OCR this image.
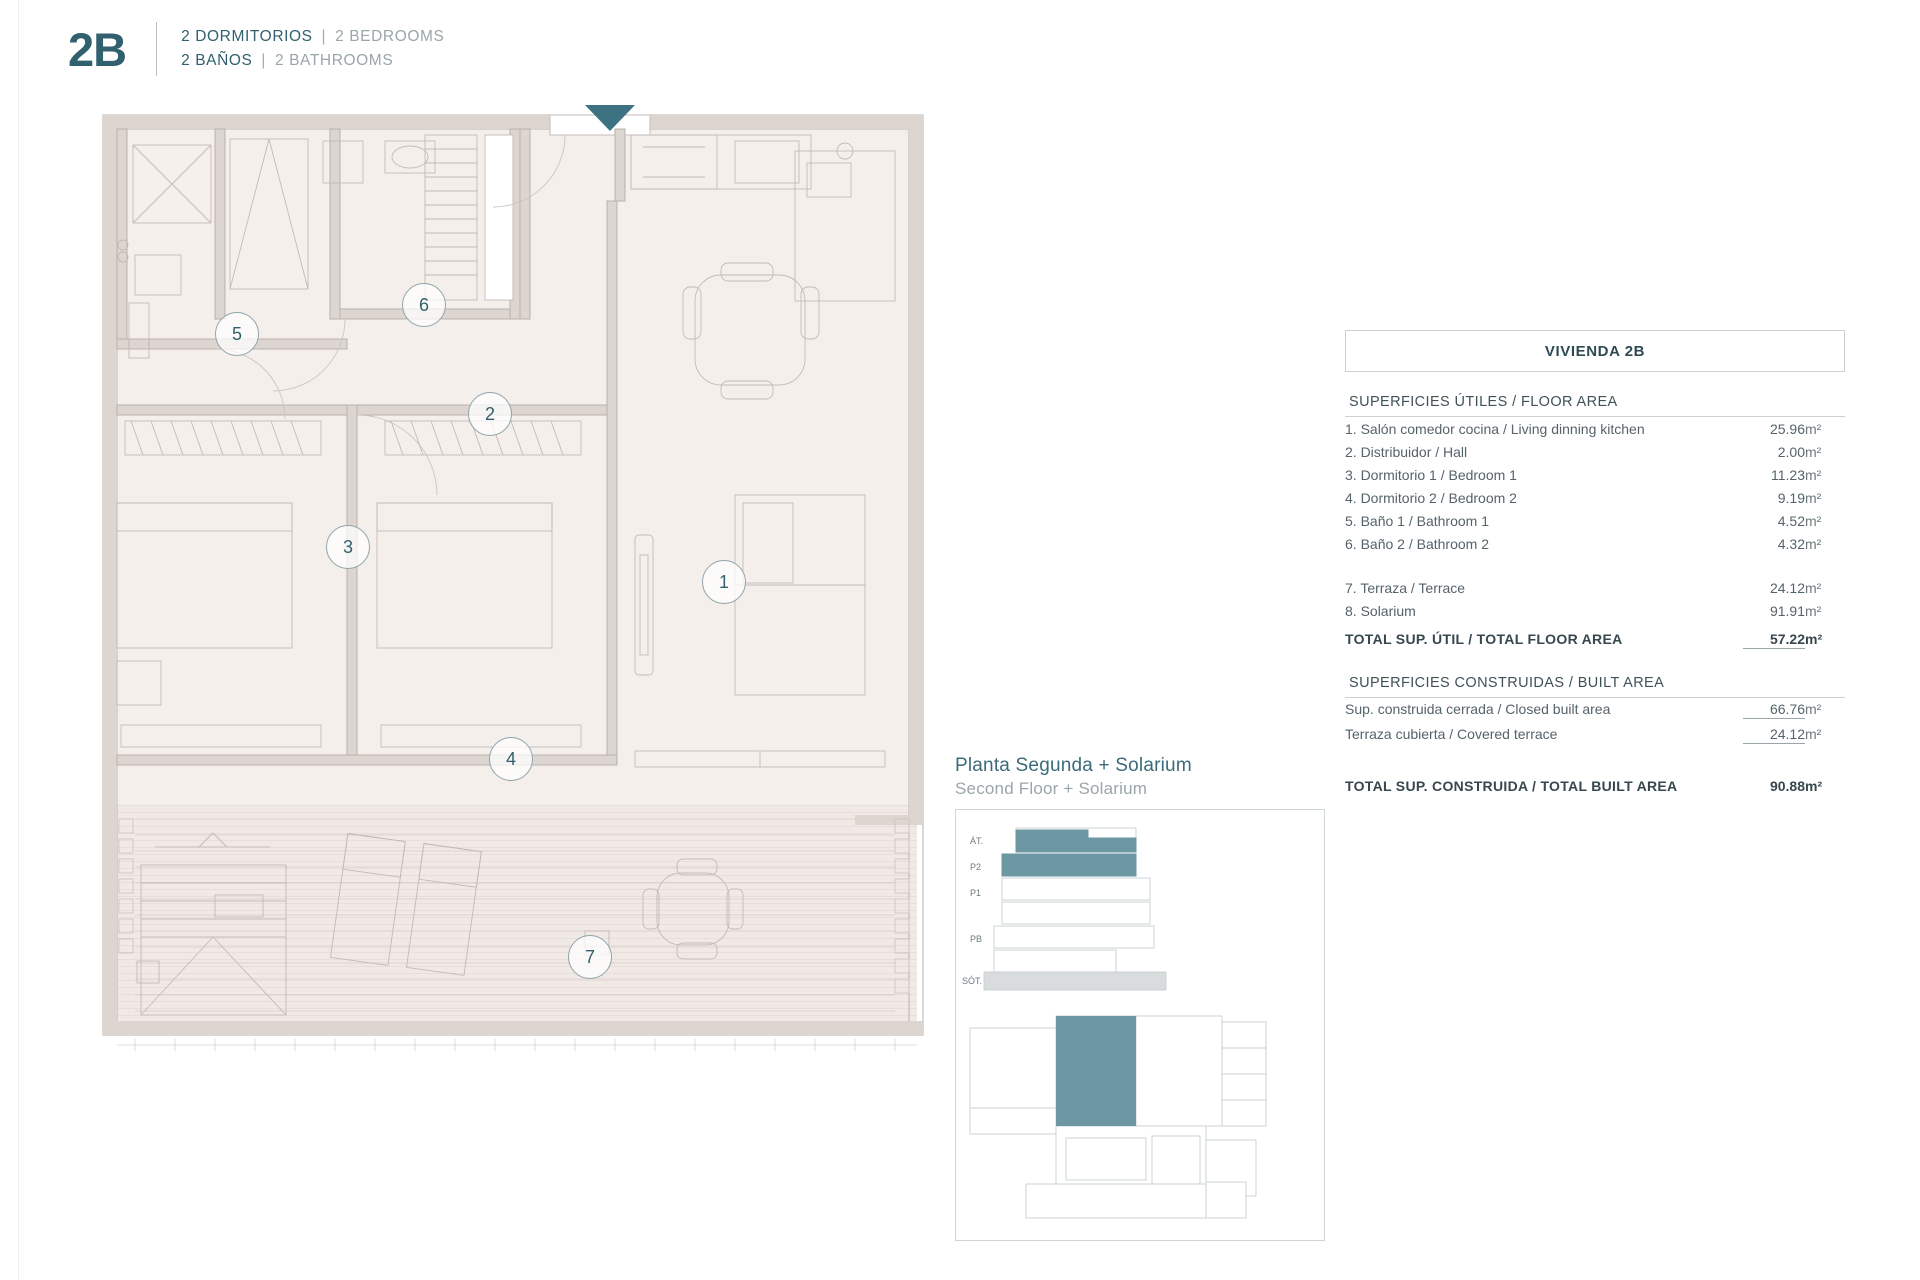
2B	2 DORMITORIOS | 2 BEDROOMS
2 BAÑOS | 2 BATHROOMS
1
2
3
4
5
6
7
Planta Segunda + Solarium
Second Floor + Solarium
ÁT.
P2
P1
PB
SÓT.
VIVIENDA 2B
SUPERFICIES ÚTILES / FLOOR AREA
1. Salón comedor cocina / Living dinning kitchen	25.96	m²
2. Distribuidor / Hall	2.00	m²
3. Dormitorio 1 / Bedroom 1	11.23	m²
4. Dormitorio 2 / Bedroom 2	9.19	m²
5. Baño 1 / Bathroom 1	4.52	m²
6. Baño 2 / Bathroom 2	4.32	m²

7. Terraza / Terrace	24.12	m²
8. Solarium	91.91	m²
TOTAL SUP. ÚTIL / TOTAL FLOOR AREA	57.22	m²
SUPERFICIES CONSTRUIDAS / BUILT AREA
Sup. construida cerrada / Closed built area	66.76	m²
Terraza cubierta / Covered terrace	24.12	m²

TOTAL SUP. CONSTRUIDA / TOTAL BUILT AREA	90.88	m²
